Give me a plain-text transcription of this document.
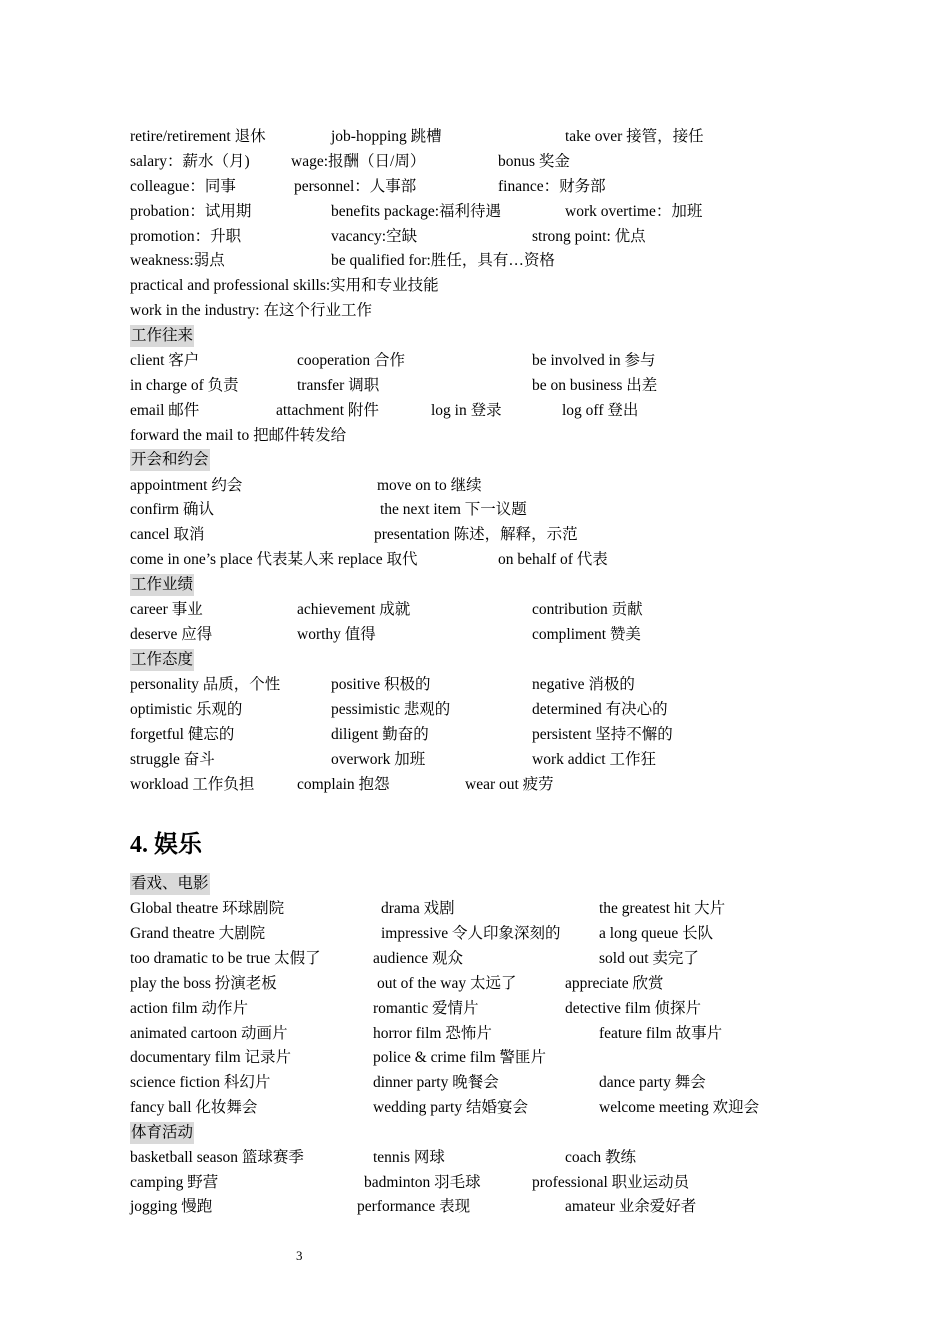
retire/retirement 退休	job-hopping 跳槽	take over 接管，接任
salary：薪水（月)	wage:报酬（日/周）	bonus 奖金
colleague：同事	personnel：人事部	finance：财务部
probation：试用期	benefits package:福利待遇	work overtime：加班
promotion：升职	vacancy:空缺	strong point: 优点
weakness:弱点	be qualified for:胜任，具有…资格
practical and professional skills:实用和专业技能
work in the industry: 在这个行业工作
工作往来
client 客户	cooperation 合作	be involved in 参与
in charge of 负责	transfer 调职	be on business 出差
email 邮件	attachment 附件	log in 登录	log off 登出
forward the mail to 把邮件转发给
开会和约会
appointment 约会	move on to 继续
confirm 确认	the next item 下一议题
cancel 取消	presentation 陈述，解释，示范
come in one’s place 代表某人来 replace 取代	on behalf of 代表
工作业绩
career 事业	achievement 成就	contribution 贡献
deserve 应得	worthy 值得	compliment 赞美
工作态度
personality 品质，个性	positive 积极的	negative 消极的
optimistic 乐观的	pessimistic 悲观的	determined 有决心的
forgetful 健忘的	diligent 勤奋的	persistent 坚持不懈的
struggle 奋斗	overwork 加班	work addict 工作狂
workload 工作负担	complain 抱怨	wear out 疲劳
4. 娱乐
看戏、电影
Global theatre 环球剧院	drama 戏剧	the greatest hit 大片
Grand theatre 大剧院	impressive 令人印象深刻的 a long queue 长队
too dramatic to be true 太假了	audience 观众	sold out 卖完了
play the boss 扮演老板	out of the way 太远了	appreciate 欣赏
action film 动作片	romantic 爱情片	detective film 侦探片
animated cartoon 动画片	horror film 恐怖片	feature film 故事片
documentary film 记录片	police & crime film 警匪片
science fiction 科幻片	dinner party 晚餐会	dance party 舞会
fancy ball 化妆舞会	wedding party 结婚宴会	welcome meeting 欢迎会
体育活动
basketball season 篮球赛季	tennis 网球	coach 教练
camping 野营	badminton 羽毛球	professional 职业运动员
jogging 慢跑	performance 表现	amateur 业余爱好者
3
